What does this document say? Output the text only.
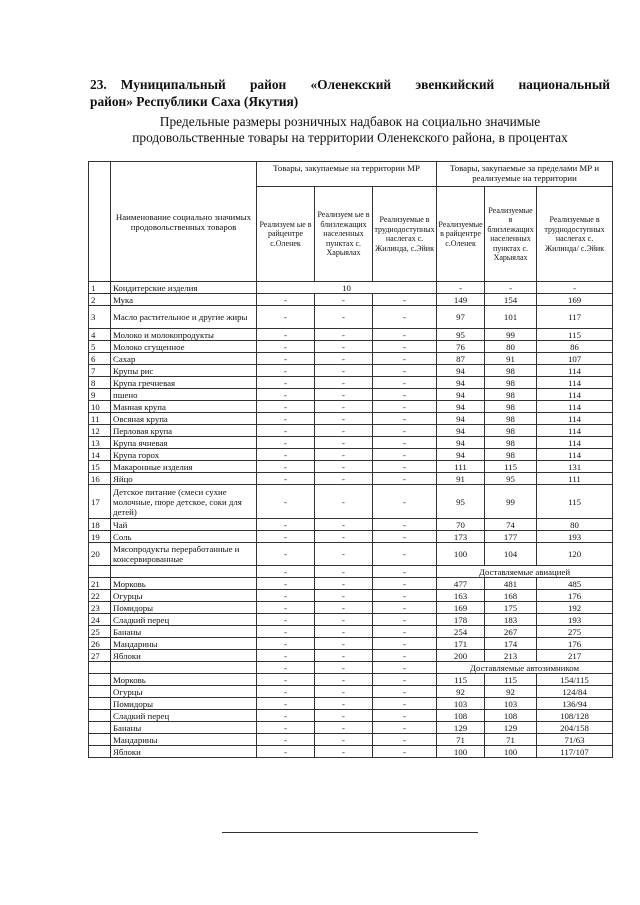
23. Муниципальный район «Оленекский эвенкийский национальный
район» Республики Саха (Якутия)
Предельные размеры розничных надбавок на социально значимые
продовольственные товары на территории Оленекского района, в процентах
	Наименование социально значимых продовольственных товаров	Товары, закупаемые на территории МР			Товары, закупаемые за пределами МР и реализуемые на территории		
		Реализуем ые в райцентре с.Оленек	Реализуем ые в близлежащих населенных пунктах с. Харыялах	Реализуемые в труднодоступных наслегах с. Жилинда, с.Эйик	Реализуемые в райцентре с.Оленек	Реализуемые в близлежащих населенных пунктах с. Харыялах	Реализуемые в труднодоступных наслегах с. Жилинда/ с.Эйик
1	Кондитерские изделия	10			-	-	-
2	Мука	-	-	-	149	154	169
3	Масло растительное и другие жиры	-	-	-	97	101	117
4	Молоко и молокопродукты	-	-	-	95	99	115
5	Молоко сгущенное	-	-	-	76	80	86
6	Сахар	-	-	-	87	91	107
7	Крупы рис	-	-	-	94	98	114
8	Крупа гречневая	-	-	-	94	98	114
9	пшено	-	-	-	94	98	114
10	Манная крупа	-	-	-	94	98	114
11	Овсяная крупа	-	-	-	94	98	114
12	Перловая крупа	-	-	-	94	98	114
13	Крупа ячневая	-	-	-	94	98	114
14	Крупа горох	-	-	-	94	98	114
15	Макаронные изделия	-	-	-	111	115	131
16	Яйцо	-	-	-	91	95	111
17	Детское питание (смеси сухие молочные, пюре детское, соки для детей)	-	-	-	95	99	115
18	Чай	-	-	-	70	74	80
19	Соль	-	-	-	173	177	193
20	Мясопродукты переработанные и консервированные	-	-	-	100	104	120
		-	-	-	Доставляемые авиацией		
21	Морковь	-	-	-	477	481	485
22	Огурцы	-	-	-	163	168	176
23	Помидоры	-	-	-	169	175	192
24	Сладкий перец	-	-	-	178	183	193
25	Бананы	-	-	-	254	267	275
26	Мандарины	-	-	-	171	174	176
27	Яблоки	-	-	-	200	213	217
		-	-	-	Доставляемые автозимником		
	Морковь	-	-	-	115	115	154/115
	Огурцы	-	-	-	92	92	124/84
	Помидоры	-	-	-	103	103	136/94
	Сладкий перец	-	-	-	108	108	108/128
	Бананы	-	-	-	129	129	204/158
	Мандарины	-	-	-	71	71	71/63
	Яблоки	-	-	-	100	100	117/107
